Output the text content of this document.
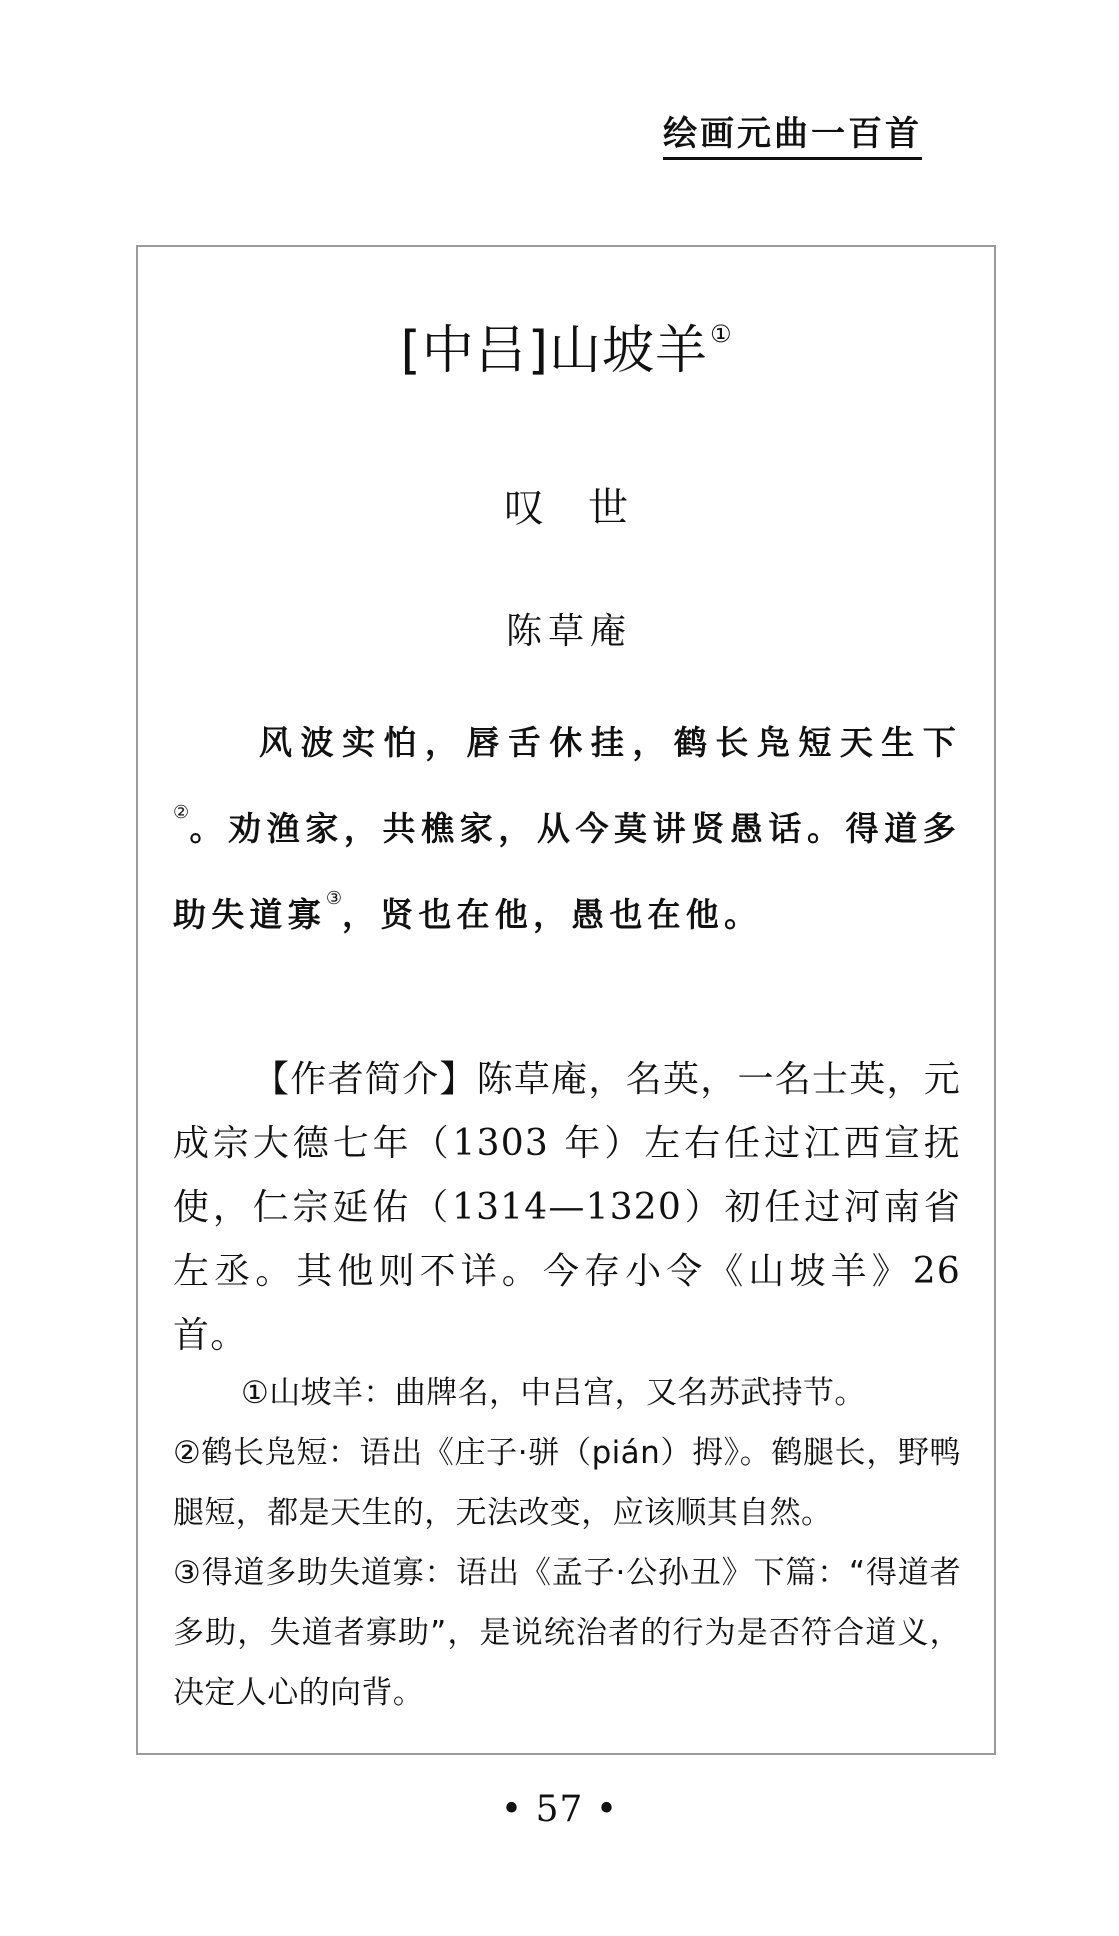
绘画元曲一百首
[中吕]山坡羊①
叹世

陈草庵

风波实怕，唇舌休挂，鹤长凫短天生下②。劝渔家，共樵家，从今莫讲贤愚话。得道多助失道寡③，贤也在他，愚也在他。

【作者简介】陈草庵，名英，一名士英，元成宗大德七年（1303 年）左右任过江西宣抚使，仁宗延佑（1314—1320）初任过河南省左丞。其他则不详。今存小令《山坡羊》26 首。

①山坡羊：曲牌名，中吕宫，又名苏武持节。

②鹤长凫短：语出《庄子·骈（pián）拇》。鹤腿长，野鸭腿短，都是天生的，无法改变，应该顺其自然。

③得道多助失道寡：语出《孟子·公孙丑》下篇：“得道者多助，失道者寡助”，是说统治者的行为是否符合道义，决定人心的向背。

• 57 •
